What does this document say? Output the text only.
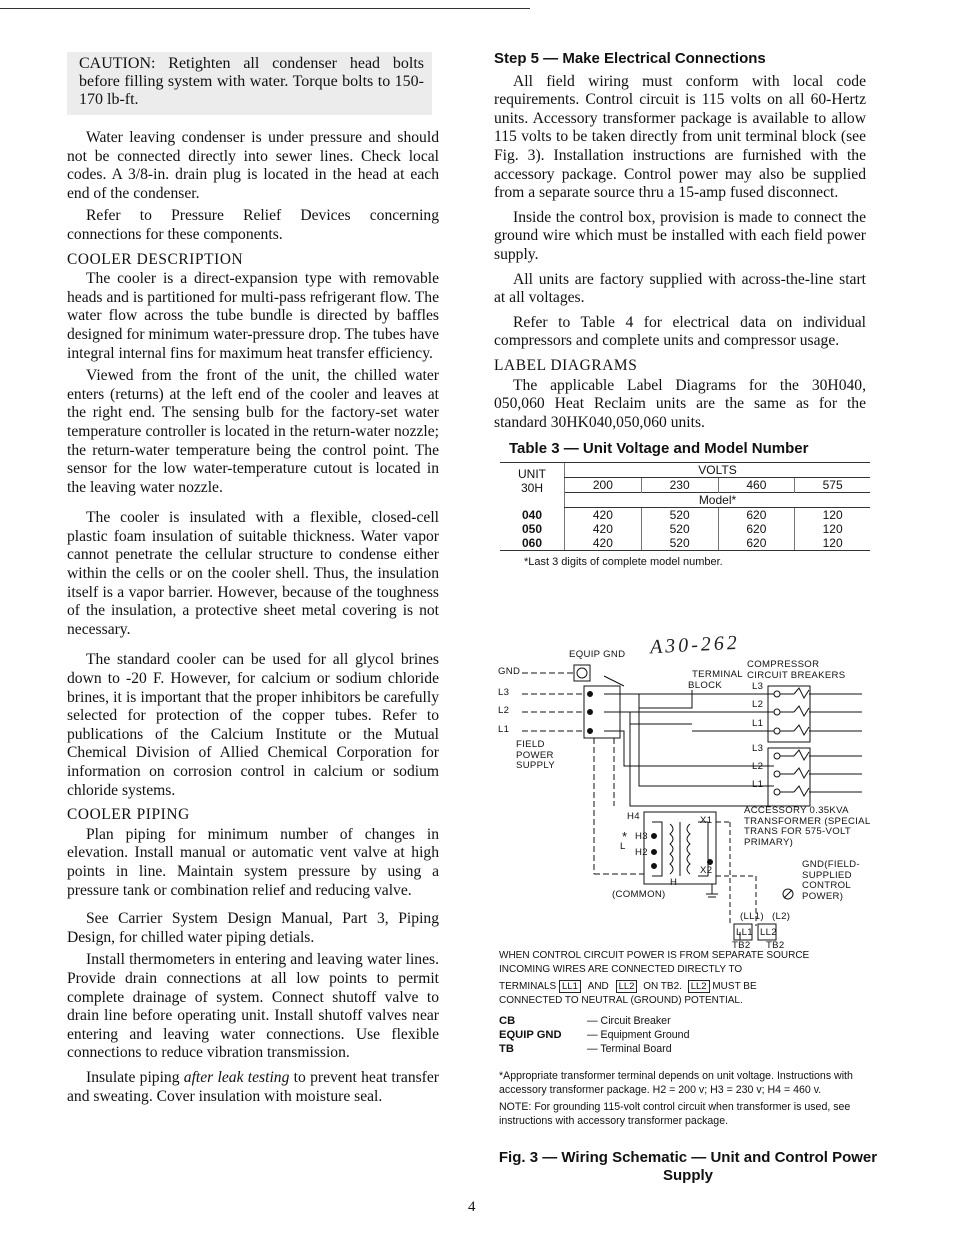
CAUTION: Retighten all condenser head bolts before filling system with water. Torque bolts to 150-170 lb-ft.

Water leaving condenser is under pressure and should not be connected directly into sewer lines. Check local codes. A 3/8-in. drain plug is located in the head at each end of the condenser.

Refer to Pressure Relief Devices concerning connections for these components.

COOLER DESCRIPTION

The cooler is a direct-expansion type with removable heads and is partitioned for multi-pass refrigerant flow. The water flow across the tube bundle is directed by baffles designed for minimum water-pressure drop. The tubes have integral internal fins for maximum heat transfer efficiency.

Viewed from the front of the unit, the chilled water enters (returns) at the left end of the cooler and leaves at the right end. The sensing bulb for the factory-set water temperature controller is located in the return-water nozzle; the return-water temperature being the control point. The sensor for the low water-temperature cutout is located in the leaving water nozzle.

The cooler is insulated with a flexible, closed-cell plastic foam insulation of suitable thickness. Water vapor cannot penetrate the cellular structure to condense either within the cells or on the cooler shell. Thus, the insulation itself is a vapor barrier. However, because of the toughness of the insulation, a protective sheet metal covering is not necessary.

The standard cooler can be used for all glycol brines down to -20 F. However, for calcium or sodium chloride brines, it is important that the proper inhibitors be carefully selected for protection of the copper tubes. Refer to publications of the Calcium Institute or the Mutual Chemical Division of Allied Chemical Corporation for information on corrosion control in calcium or sodium chloride systems.

COOLER PIPING

Plan piping for minimum number of changes in elevation. Install manual or automatic vent valve at high points in line. Maintain system pressure by using a pressure tank or combination relief and reducing valve.

See Carrier System Design Manual, Part 3, Piping Design, for chilled water piping detials.

Install thermometers in entering and leaving water lines. Provide drain connections at all low points to permit complete drainage of system. Connect shutoff valve to drain line before operating unit. Install shutoff valves near entering and leaving water connections. Use flexible connections to reduce vibration transmission.

Insulate piping after leak testing to prevent heat transfer and sweating. Cover insulation with moisture seal.

Step 5 — Make Electrical Connections

All field wiring must conform with local code requirements. Control circuit is 115 volts on all 60-Hertz units. Accessory transformer package is available to allow 115 volts to be taken directly from unit terminal block (see Fig. 3). Installation instructions are furnished with the accessory package. Control power may also be supplied from a separate source thru a 15-amp fused disconnect.

Inside the control box, provision is made to connect the ground wire which must be installed with each field power supply.

All units are factory supplied with across-the-line start at all voltages.

Refer to Table 4 for electrical data on individual compressors and complete units and compressor usage.

LABEL DIAGRAMS

The applicable Label Diagrams for the 30H040, 050,060 Heat Reclaim units are the same as for the standard 30HK040,050,060 units.

Table 3 — Unit Voltage and Model Number
UNIT
30H	VOLTS			
	200	230	460	575
	Model*			
040	420	520	620	120
050	420	520	620	120
060	420	520	620	120
*Last 3 digits of complete model number.
A30-262
EQUIP GND
GND
L3
L2
L1
TERMINAL
BLOCK
COMPRESSOR
CIRCUIT BREAKERS
L3
L2
L1
L3
L2
L1
FIELD
POWER
SUPPLY
H4
*
L
H3
H2
H
X1
X2
(COMMON)
ACCESSORY 0.35KVA
TRANSFORMER (SPECIAL
TRANS FOR 575-VOLT
PRIMARY)
GND(FIELD-
SUPPLIED
CONTROL
POWER)
(LL1) (L2)
LL1 LL2
TB2 TB2
WHEN CONTROL CIRCUIT POWER IS FROM SEPARATE SOURCE
INCOMING WIRES ARE CONNECTED DIRECTLY TO
TERMINALS LL1 AND LL2 ON TB2. LL2 MUST BE
CONNECTED TO NEUTRAL (GROUND) POTENTIAL.
CB	— Circuit Breaker
EQUIP GND	— Equipment Ground
TB	— Terminal Board
*Appropriate transformer terminal depends on unit voltage. Instructions with accessory transformer package. H2 = 200 v; H3 = 230 v; H4 = 460 v.
NOTE: For grounding 115-volt control circuit when transformer is used, see instructions with accessory transformer package.
Fig. 3 — Wiring Schematic — Unit and Control Power Supply
4
